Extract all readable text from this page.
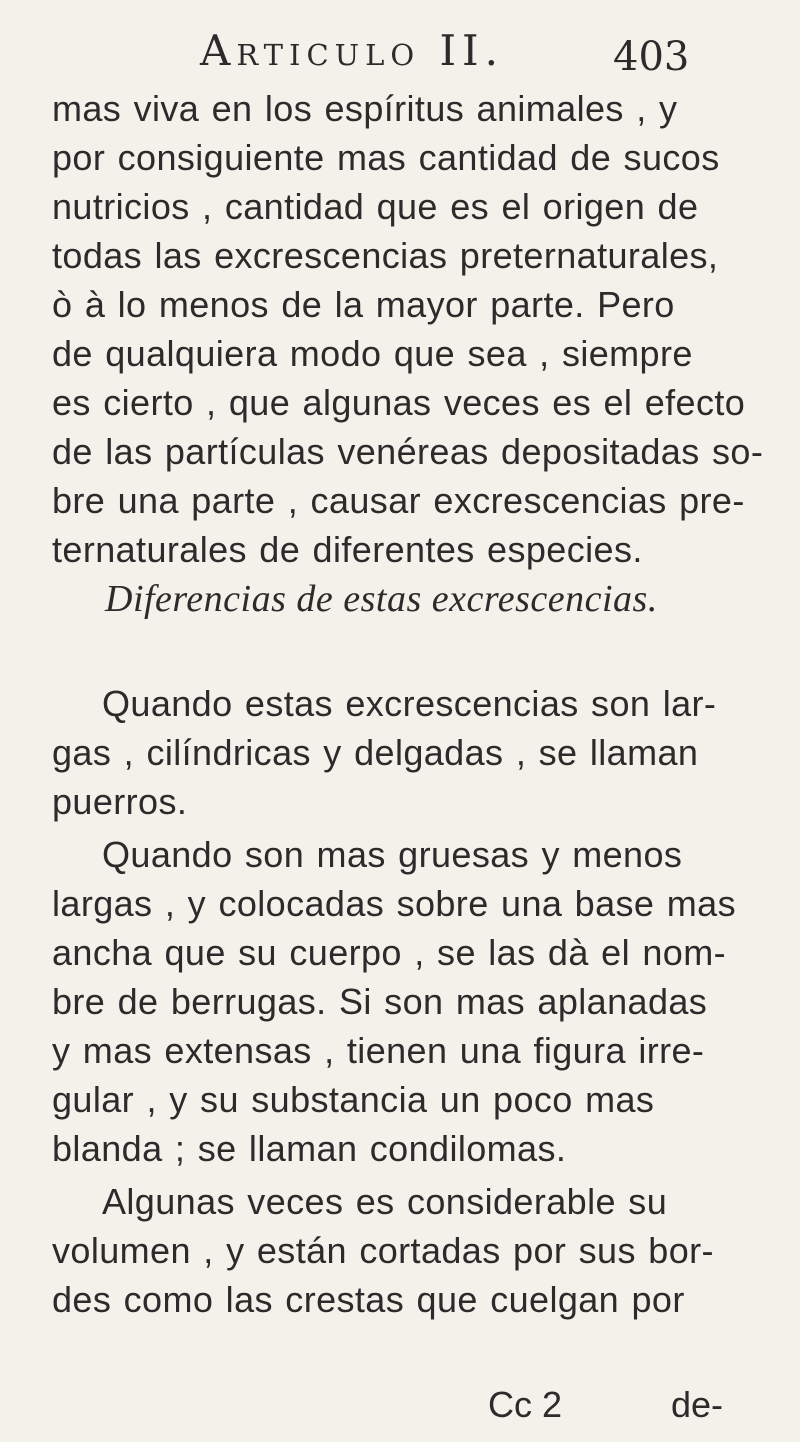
Articulo II.	403
mas viva en los espíritus animales , y
por consiguiente mas cantidad de sucos
nutricios , cantidad que es el origen de
todas las excrescencias preternaturales,
ò à lo menos de la mayor parte. Pero
de qualquiera modo que sea , siempre
es cierto , que algunas veces es el efecto
de las partículas venéreas depositadas so-
bre una parte , causar excrescencias pre-
ternaturales de diferentes especies.
Diferencias de estas excrescencias.
Quando estas excrescencias son lar-
gas , cilíndricas y delgadas , se llaman
puerros.
Quando son mas gruesas y menos
largas , y colocadas sobre una base mas
ancha que su cuerpo , se las dà el nom-
bre de berrugas. Si son mas aplanadas
y mas extensas , tienen una figura irre-
gular , y su substancia un poco mas
blanda ; se llaman condilomas.
Algunas veces es considerable su
volumen , y están cortadas por sus bor-
des como las crestas que cuelgan por
Cc 2	de-
